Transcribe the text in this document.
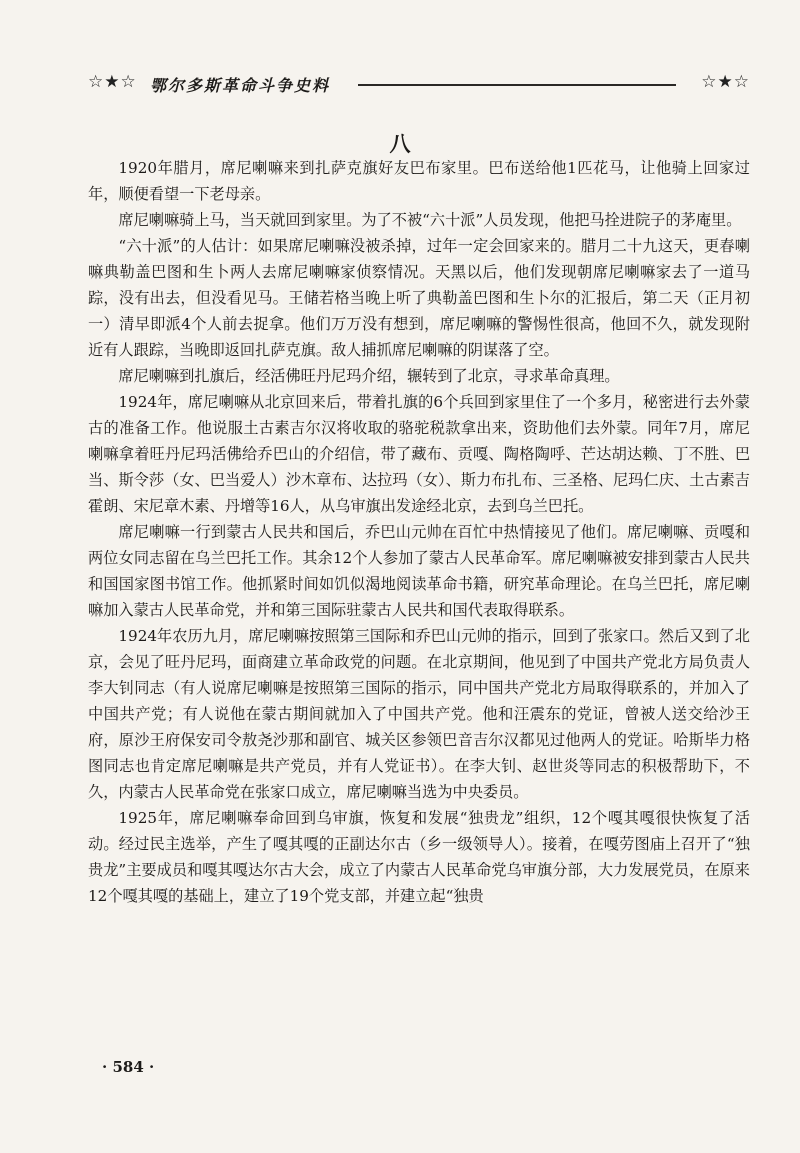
☆★☆ 鄂尔多斯革命斗争史料	☆★☆
八

1920年腊月，席尼喇嘛来到扎萨克旗好友巴布家里。巴布送给他1匹花马，让他骑上回家过年，顺便看望一下老母亲。

席尼喇嘛骑上马，当天就回到家里。为了不被“六十派”人员发现，他把马拴进院子的茅庵里。

“六十派”的人估计：如果席尼喇嘛没被杀掉，过年一定会回家来的。腊月二十九这天，更春喇嘛典勒盖巴图和生卜两人去席尼喇嘛家侦察情况。天黑以后，他们发现朝席尼喇嘛家去了一道马踪，没有出去，但没看见马。王储若格当晚上听了典勒盖巴图和生卜尔的汇报后，第二天（正月初一）清早即派4个人前去捉拿。他们万万没有想到，席尼喇嘛的警惕性很高，他回不久，就发现附近有人跟踪，当晚即返回扎萨克旗。敌人捕抓席尼喇嘛的阴谋落了空。

席尼喇嘛到扎旗后，经活佛旺丹尼玛介绍，辗转到了北京，寻求革命真理。

1924年，席尼喇嘛从北京回来后，带着扎旗的6个兵回到家里住了一个多月，秘密进行去外蒙古的准备工作。他说服土古素吉尔汉将收取的骆驼税款拿出来，资助他们去外蒙。同年7月，席尼喇嘛拿着旺丹尼玛活佛给乔巴山的介绍信，带了藏布、贡嘎、陶格陶呼、芒达胡达赖、丁不胜、巴当、斯令莎（女、巴当爱人）沙木章布、达拉玛（女）、斯力布扎布、三圣格、尼玛仁庆、土古素吉霍朗、宋尼章木素、丹增等16人，从乌审旗出发途经北京，去到乌兰巴托。

席尼喇嘛一行到蒙古人民共和国后，乔巴山元帅在百忙中热情接见了他们。席尼喇嘛、贡嘎和两位女同志留在乌兰巴托工作。其余12个人参加了蒙古人民革命军。席尼喇嘛被安排到蒙古人民共和国国家图书馆工作。他抓紧时间如饥似渴地阅读革命书籍，研究革命理论。在乌兰巴托，席尼喇嘛加入蒙古人民革命党，并和第三国际驻蒙古人民共和国代表取得联系。

1924年农历九月，席尼喇嘛按照第三国际和乔巴山元帅的指示，回到了张家口。然后又到了北京，会见了旺丹尼玛，面商建立革命政党的问题。在北京期间，他见到了中国共产党北方局负责人李大钊同志（有人说席尼喇嘛是按照第三国际的指示，同中国共产党北方局取得联系的，并加入了中国共产党；有人说他在蒙古期间就加入了中国共产党。他和汪震东的党证，曾被人送交给沙王府，原沙王府保安司令敖尧沙那和副官、城关区参领巴音吉尔汉都见过他两人的党证。哈斯毕力格图同志也肯定席尼喇嘛是共产党员，并有人党证书）。在李大钊、赵世炎等同志的积极帮助下，不久，内蒙古人民革命党在张家口成立，席尼喇嘛当选为中央委员。

1925年，席尼喇嘛奉命回到乌审旗，恢复和发展“独贵龙”组织，12个嘎其嘎很快恢复了活动。经过民主选举，产生了嘎其嘎的正副达尔古（乡一级领导人）。接着，在嘎劳图庙上召开了“独贵龙”主要成员和嘎其嘎达尔古大会，成立了内蒙古人民革命党乌审旗分部，大力发展党员，在原来12个嘎其嘎的基础上，建立了19个党支部，并建立起“独贵

· 584 ·
